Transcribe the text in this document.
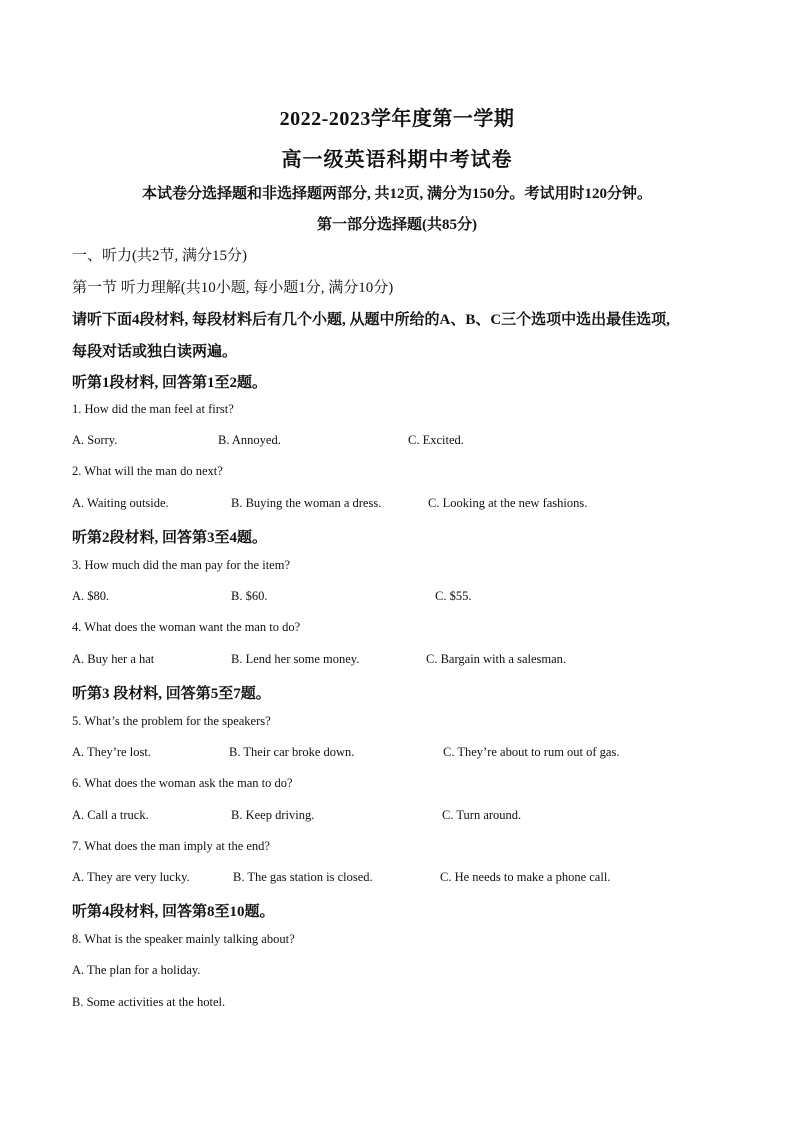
2022-2023学年度第一学期
高一级英语科期中考试卷
本试卷分选择题和非选择题两部分, 共12页, 满分为150分。考试用时120分钟。
第一部分选择题(共85分)
一、听力(共2节, 满分15分)
第一节 听力理解(共10小题, 每小题1分, 满分10分)
请听下面4段材料, 每段材料后有几个小题, 从题中所给的A、B、C三个选项中选出最佳选项,
每段对话或独白读两遍。
听第1段材料, 回答第1至2题。
1. How did the man feel at first?
A. Sorry.	B. Annoyed.	C. Excited.
2. What will the man do next?
A. Waiting outside.	B. Buying the woman a dress.	C. Looking at the new fashions.
听第2段材料, 回答第3至4题。
3. How much did the man pay for the item?
A. $80.	B. $60.	C. $55.
4. What does the woman want the man to do?
A. Buy her a hat	B. Lend her some money.	C. Bargain with a salesman.
听第3 段材料, 回答第5至7题。
5. What’s the problem for the speakers?
A. They’re lost.	B. Their car broke down.	C. They’re about to rum out of gas.
6. What does the woman ask the man to do?
A. Call a truck.	B. Keep driving.	C. Turn around.
7. What does the man imply at the end?
A. They are very lucky.	B. The gas station is closed.	C. He needs to make a phone call.
听第4段材料, 回答第8至10题。
8. What is the speaker mainly talking about?
A. The plan for a holiday.
B. Some activities at the hotel.
